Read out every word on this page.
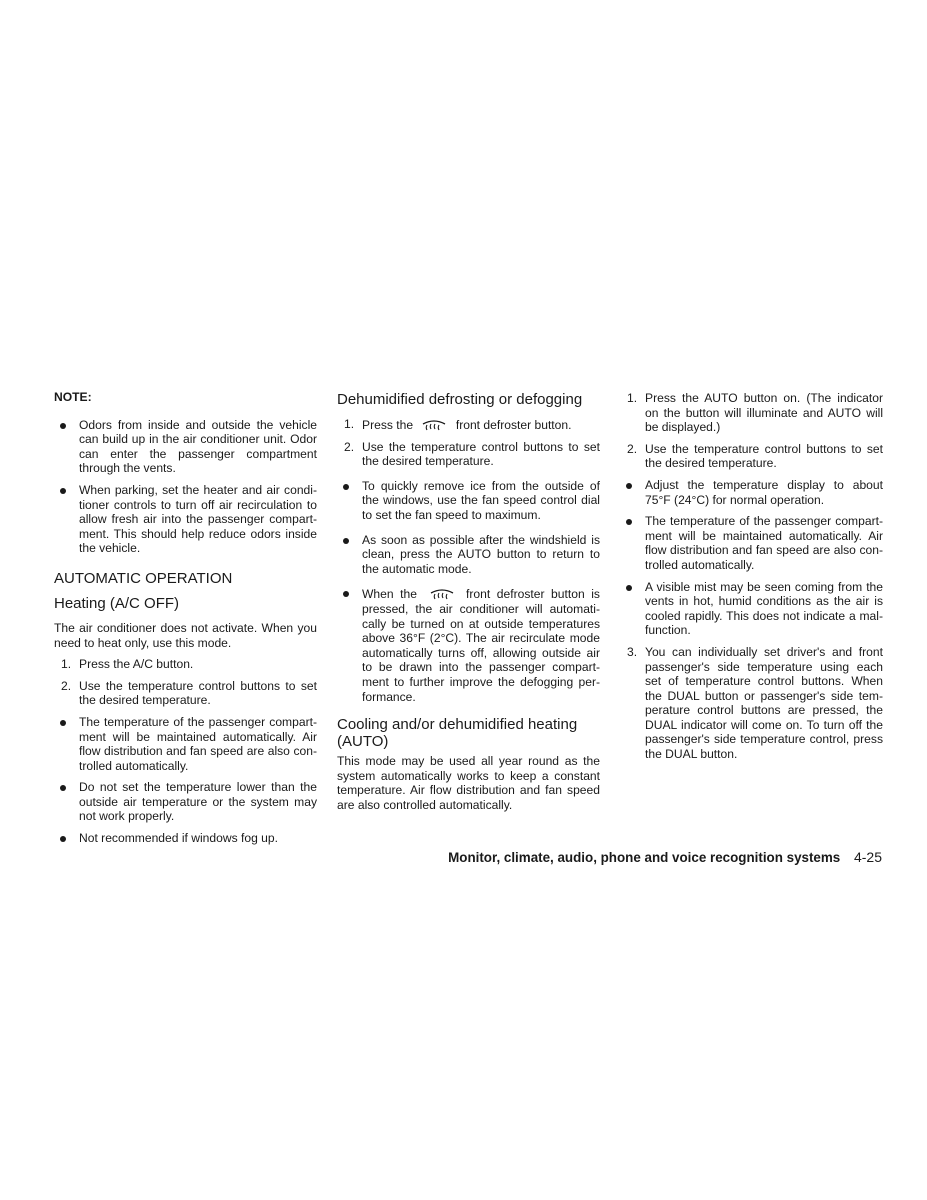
NOTE:
Odors from inside and outside the vehicle can build up in the air conditioner unit. Odor can enter the passenger compartment through the vents.
When parking, set the heater and air condi- tioner controls to turn off air recirculation to allow fresh air into the passenger compart- ment. This should help reduce odors inside the vehicle.
AUTOMATIC OPERATION
Heating (A/C OFF)
The air conditioner does not activate. When you need to heat only, use this mode.
1. Press the A/C button.
2. Use the temperature control buttons to set the desired temperature.
The temperature of the passenger compart- ment will be maintained automatically. Air flow distribution and fan speed are also con- trolled automatically.
Do not set the temperature lower than the outside air temperature or the system may not work properly.
Not recommended if windows fog up.
Dehumidified defrosting or defogging
1. Press the	front defroster button.
2. Use the temperature control buttons to set the desired temperature.
To quickly remove ice from the outside of the windows, use the fan speed control dial to set the fan speed to maximum.
As soon as possible after the windshield is clean, press the AUTO button to return to the automatic mode.
When the	front defroster button is pressed, the air conditioner will automati- cally be turned on at outside temperatures above 36°F (2°C). The air recirculate mode automatically turns off, allowing outside air to be drawn into the passenger compart- ment to further improve the defogging per- formance.
Cooling and/or dehumidified heating (AUTO)
This mode may be used all year round as the system automatically works to keep a constant temperature. Air flow distribution and fan speed are also controlled automatically.
1. Press the AUTO button on. (The indicator on the button will illuminate and AUTO will be displayed.)
2. Use the temperature control buttons to set the desired temperature.
Adjust the temperature display to about 75°F (24°C) for normal operation.
The temperature of the passenger compart- ment will be maintained automatically. Air flow distribution and fan speed are also con- trolled automatically.
A visible mist may be seen coming from the vents in hot, humid conditions as the air is cooled rapidly. This does not indicate a mal- function.
3. You can individually set driver's and front passenger's side temperature using each set of temperature control buttons. When the DUAL button or passenger's side tem- perature control buttons are pressed, the DUAL indicator will come on. To turn off the passenger's side temperature control, press the DUAL button.
Monitor, climate, audio, phone and voice recognition systems 4-25
